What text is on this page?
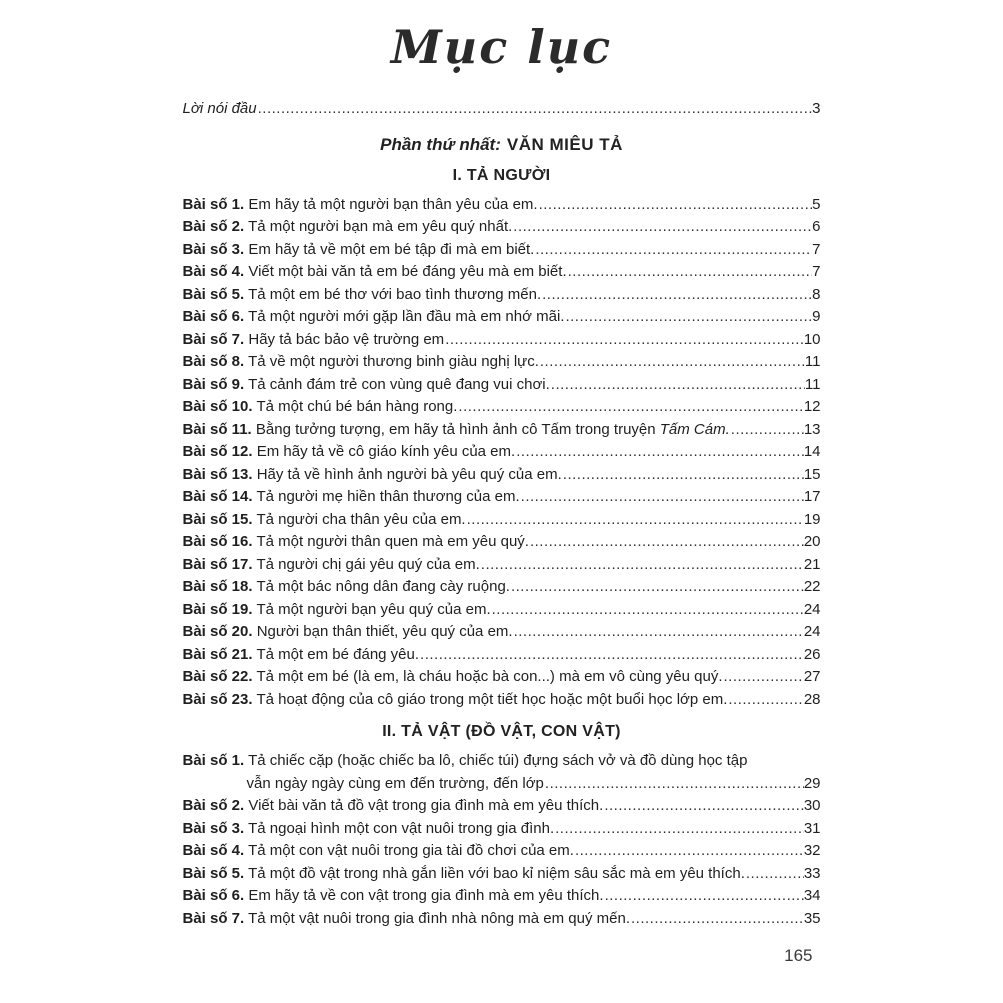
Mục lục
Lời nói đầu .....	3
Phần thứ nhất: VĂN MIÊU TẢ
I. TẢ NGƯỜI
Bài số 1. Em hãy tả một người bạn thân yêu của em. .....	5
Bài số 2. Tả một người bạn mà em yêu quý nhất. .....	6
Bài số 3. Em hãy tả về một em bé tập đi mà em biết. .....	7
Bài số 4. Viết một bài văn tả em bé đáng yêu mà em biết. .....	7
Bài số 5. Tả một em bé thơ với bao tình thương mến. .....	8
Bài số 6. Tả một người mới gặp lần đầu mà em nhớ mãi. .....	9
Bài số 7. Hãy tả bác bảo vệ trường em .....	10
Bài số 8. Tả về một người thương binh giàu nghị lực. .....	11
Bài số 9. Tả cảnh đám trẻ con vùng quê đang vui chơi. .....	11
Bài số 10. Tả một chú bé bán hàng rong. .....	12
Bài số 11. Bằng tưởng tượng, em hãy tả hình ảnh cô Tấm trong truyện Tấm Cám. .....	13
Bài số 12. Em hãy tả về cô giáo kính yêu của em. .....	14
Bài số 13. Hãy tả về hình ảnh người bà yêu quý của em. .....	15
Bài số 14. Tả người mẹ hiền thân thương của em. .....	17
Bài số 15. Tả người cha thân yêu của em. .....	19
Bài số 16. Tả một người thân quen mà em yêu quý. .....	20
Bài số 17. Tả người chị gái yêu quý của em. .....	21
Bài số 18. Tả một bác nông dân đang cày ruộng. .....	22
Bài số 19. Tả một người bạn yêu quý của em. .....	24
Bài số 20. Người bạn thân thiết, yêu quý của em. .....	24
Bài số 21. Tả một em bé đáng yêu. .....	26
Bài số 22. Tả một em bé (là em, là cháu hoặc bà con...) mà em vô cùng yêu quý. .....	27
Bài số 23. Tả hoạt động của cô giáo trong một tiết học hoặc một buổi học lớp em. .....	28
II. TẢ VẬT (ĐỒ VẬT, CON VẬT)
Bài số 1. Tả chiếc cặp (hoặc chiếc ba lô, chiếc túi) đựng sách vở và đồ dùng học tập
vẫn ngày ngày cùng em đến trường, đến lớp .....	29
Bài số 2. Viết bài văn tả đồ vật trong gia đình mà em yêu thích. .....	30
Bài số 3. Tả ngoại hình một con vật nuôi trong gia đình. .....	31
Bài số 4. Tả một con vật nuôi trong gia tài đồ chơi của em. .....	32
Bài số 5. Tả một đồ vật trong nhà gắn liền với bao kỉ niệm sâu sắc mà em yêu thích. .....	33
Bài số 6. Em hãy tả về con vật trong gia đình mà em yêu thích. .....	34
Bài số 7. Tả một vật nuôi trong gia đình nhà nông mà em quý mến. .....	35
165
